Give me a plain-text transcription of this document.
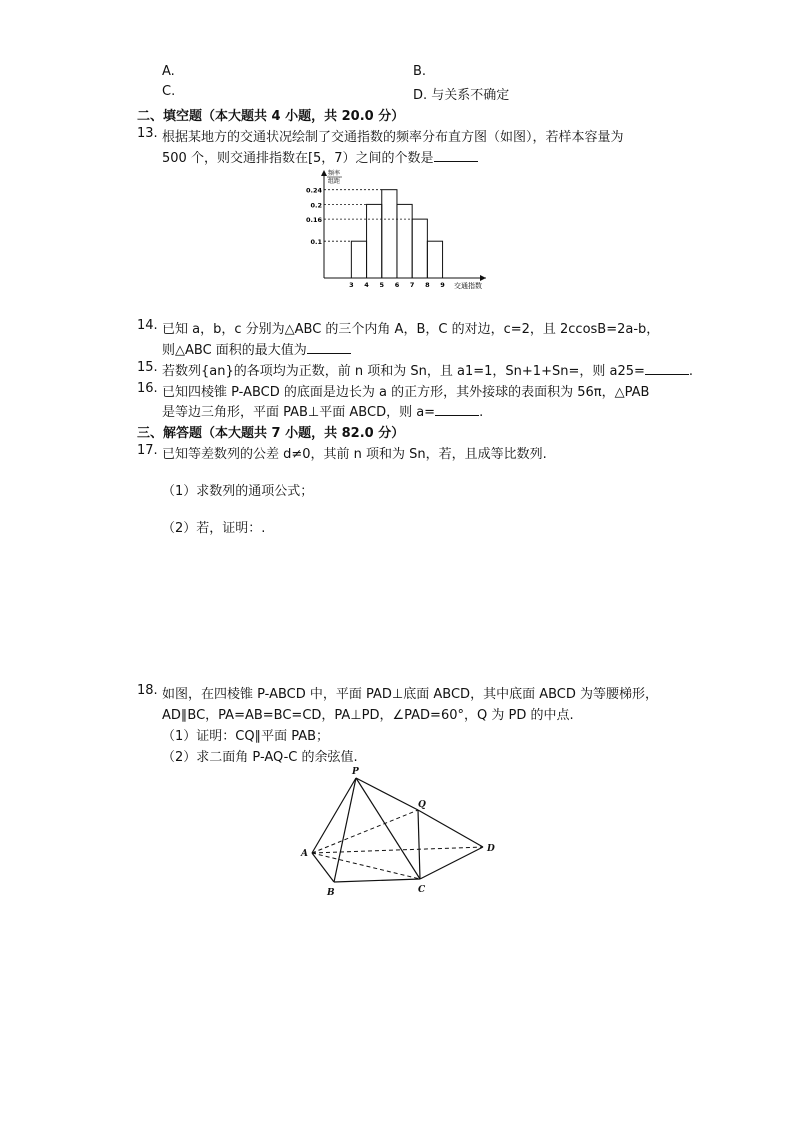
A.	B.
C.	D. 与关系不确定
二、填空题（本大题共 4 小题，共 20.0 分）
13. 根据某地方的交通状况绘制了交通指数的频率分布直方图（如图），若样本容量为
500 个，则交通排指数在[5，7）之间的个数是
0.24
0.2
0.16
0.1
3 4 5 6 7 8 9 交通指数
频率
组距
14. 已知 a，b，c 分别为△ABC 的三个内角 A，B，C 的对边，c=2，且 2ccosB=2a-b，
则△ABC 面积的最大值为
15. 若数列{an}的各项均为正数，前 n 项和为 Sn，且 a1=1，Sn+1+Sn=，则 a25=	.
16. 已知四棱锥 P-ABCD 的底面是边长为 a 的正方形，其外接球的表面积为 56π，△PAB
是等边三角形，平面 PAB⊥平面 ABCD，则 a=	.
三、解答题（本大题共 7 小题，共 82.0 分）
17. 已知等差数列的公差 d≠0，其前 n 项和为 Sn，若，且成等比数列.
（1）求数列的通项公式；
（2）若，证明：.
18. 如图，在四棱锥 P-ABCD 中，平面 PAD⊥底面 ABCD，其中底面 ABCD 为等腰梯形，
AD∥BC，PA=AB=BC=CD，PA⊥PD，∠PAD=60°，Q 为 PD 的中点.
（1）证明：CQ∥平面 PAB；
（2）求二面角 P-AQ-C 的余弦值.
P
Q
A
B	C
D
